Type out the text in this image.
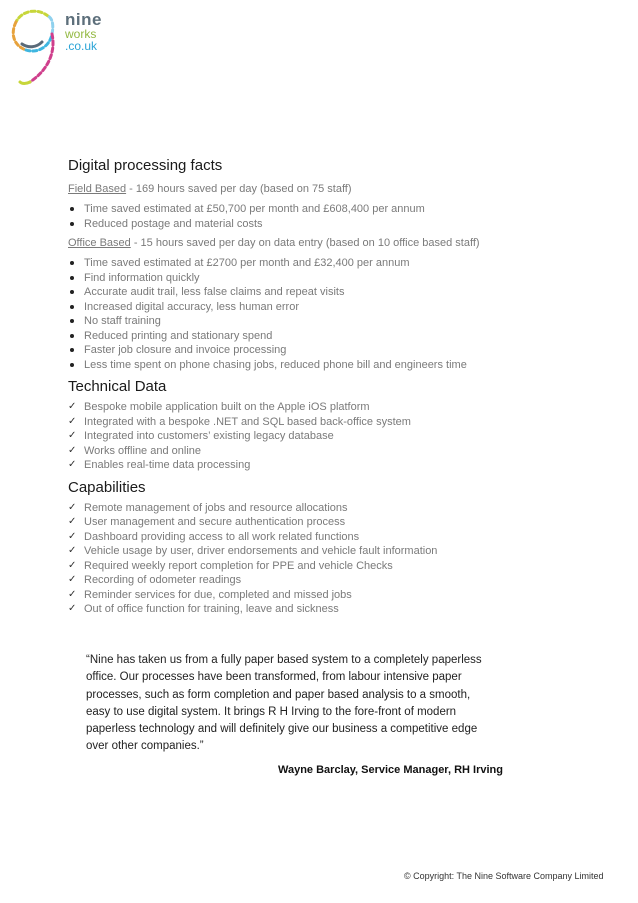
nine
works
.co.uk
Digital processing facts
Field Based - 169 hours saved per day (based on 75 staff)
Time saved estimated at £50,700 per month and £608,400 per annum
Reduced postage and material costs
Office Based - 15 hours saved per day on data entry (based on 10 office based staff)
Time saved estimated at £2700 per month and £32,400 per annum
Find information quickly
Accurate audit trail, less false claims and repeat visits
Increased digital accuracy, less human error
No staff training
Reduced printing and stationary spend
Faster job closure and invoice processing
Less time spent on phone chasing jobs, reduced phone bill and engineers time
Technical Data
✓ Bespoke mobile application built on the Apple iOS platform
✓ Integrated with a bespoke .NET and SQL based back-office system
✓ Integrated into customers’ existing legacy database
✓ Works offline and online
✓ Enables real-time data processing
Capabilities
✓ Remote management of jobs and resource allocations
✓ User management and secure authentication process
✓ Dashboard providing access to all work related functions
✓ Vehicle usage by user, driver endorsements and vehicle fault information
✓ Required weekly report completion for PPE and vehicle Checks
✓ Recording of odometer readings
✓ Reminder services for due, completed and missed jobs
✓ Out of office function for training, leave and sickness
“Nine has taken us from a fully paper based system to a completely paperless
office. Our processes have been transformed, from labour intensive paper
processes, such as form completion and paper based analysis to a smooth,
easy to use digital system. It brings R H Irving to the fore-front of modern
paperless technology and will definitely give our business a competitive edge
over other companies.”
Wayne Barclay, Service Manager, RH Irving
© Copyright: The Nine Software Company Limited
